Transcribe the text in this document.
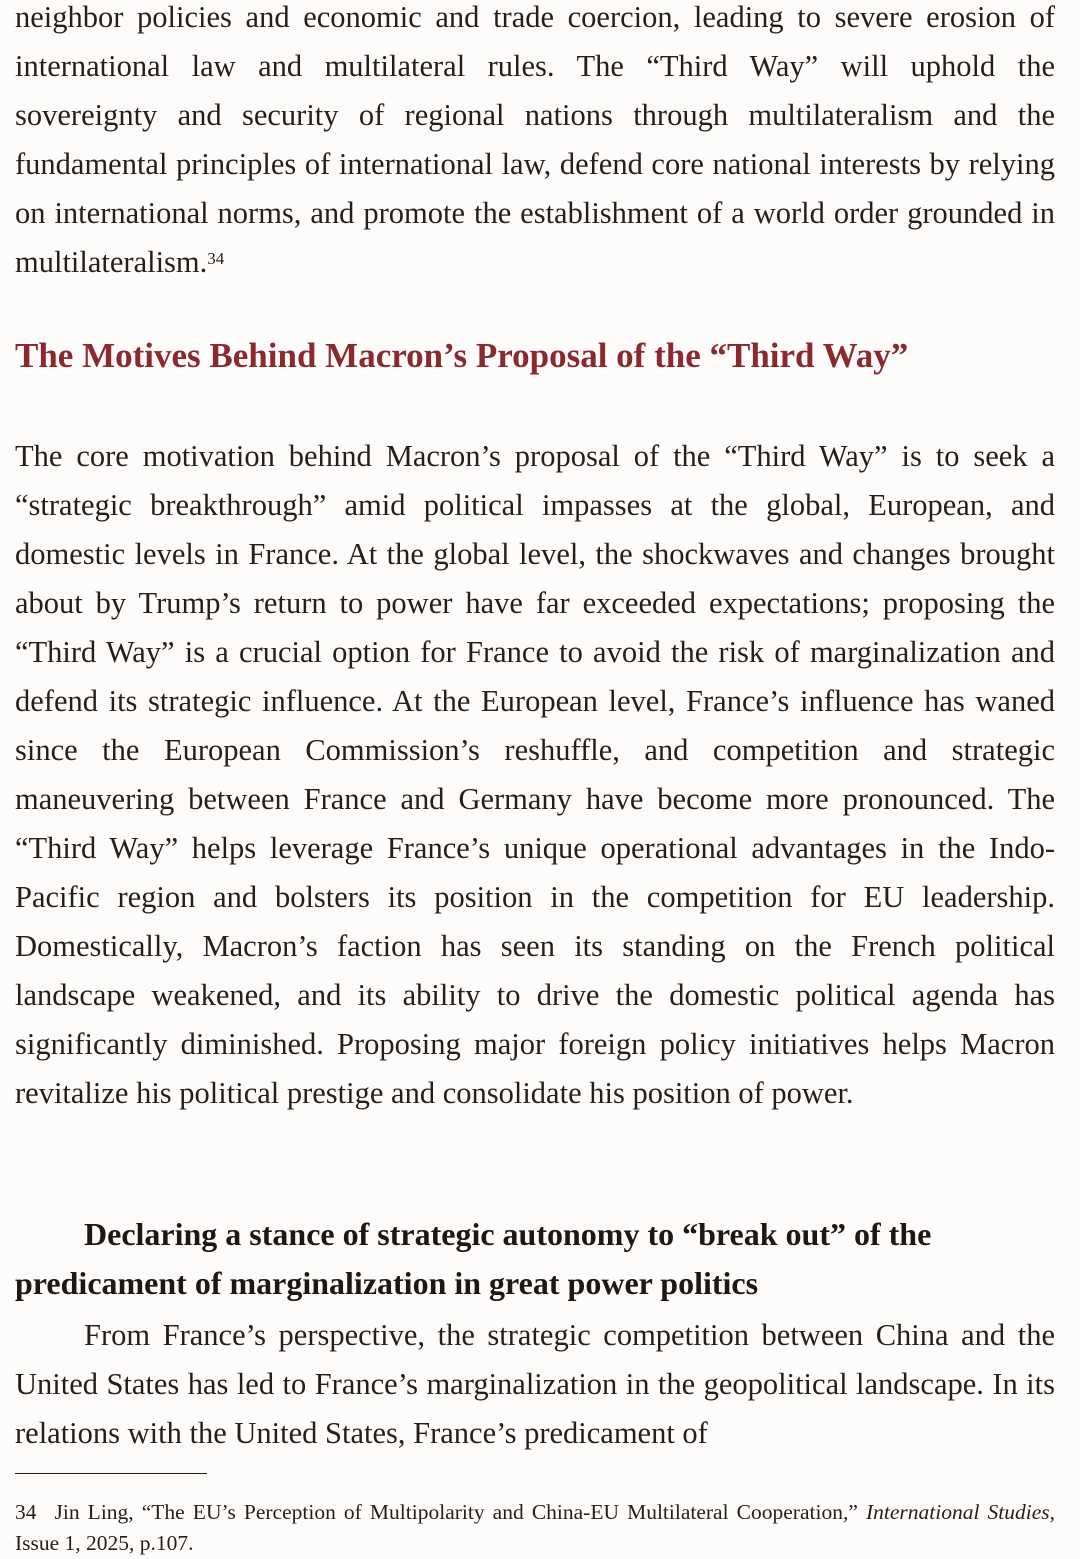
neighbor policies and economic and trade coercion, leading to severe erosion of international law and multilateral rules. The “Third Way” will uphold the sovereignty and security of regional nations through multilateralism and the fundamental principles of international law, defend core national interests by relying on international norms, and promote the establishment of a world order grounded in multilateralism.$^{34}$

The Motives Behind Macron’s Proposal of the “Third Way”

The core motivation behind Macron’s proposal of the “Third Way” is to seek a “strategic breakthrough” amid political impasses at the global, European, and domestic levels in France. At the global level, the shockwaves and changes brought about by Trump’s return to power have far exceeded expectations; proposing the “Third Way” is a crucial option for France to avoid the risk of marginalization and defend its strategic influence. At the European level, France’s influence has waned since the European Commission’s reshuffle, and competition and strategic maneuvering between France and Germany have become more pronounced. The “Third Way” helps leverage France’s unique operational advantages in the Indo-Pacific region and bolsters its position in the competition for EU leadership. Domestically, Macron’s faction has seen its standing on the French political landscape weakened, and its ability to drive the domestic political agenda has significantly diminished. Proposing major foreign policy initiatives helps Macron revitalize his political prestige and consolidate his position of power.

Declaring a stance of strategic autonomy to “break out” of the predicament of marginalization in great power politics

From France’s perspective, the strategic competition between China and the United States has led to France’s marginalization in the geopolitical landscape. In its relations with the United States, France’s predicament of

34 Jin Ling, “The EU’s Perception of Multipolarity and China-EU Multilateral Cooperation,” International Studies, Issue 1, 2025, p.107.
